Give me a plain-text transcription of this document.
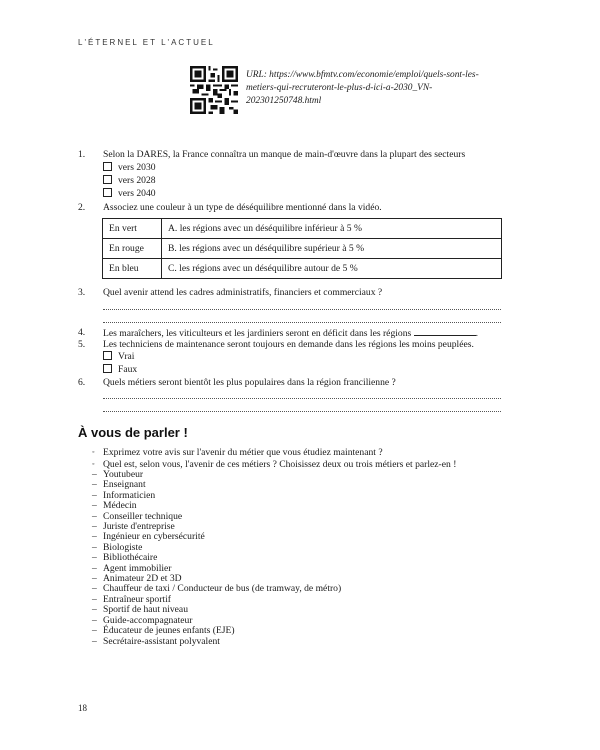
L'ÉTERNEL ET L'ACTUEL
URL: https://www.bfmtv.com/economie/emploi/quels-sont-les-metiers-qui-recruteront-le-plus-d-ici-a-2030_VN-202301250748.html
1.	Selon la DARES, la France connaîtra un manque de main-d'œuvre dans la plupart des secteurs
vers 2030
vers 2028
vers 2040
2.	Associez une couleur à un type de déséquilibre mentionné dans la vidéo.
En vert	A. les régions avec un déséquilibre inférieur à 5 %
En rouge	B. les régions avec un déséquilibre supérieur à 5 %
En bleu	C. les régions avec un déséquilibre autour de 5 %
3.	Quel avenir attend les cadres administratifs, financiers et commerciaux ?
4.	Les maraîchers, les viticulteurs et les jardiniers seront en déficit dans les régions	.
5.	Les techniciens de maintenance seront toujours en demande dans les régions les moins peuplées.
Vrai
Faux
6.	Quels métiers seront bientôt les plus populaires dans la région francilienne ?
À vous de parler !
◦ Exprimez votre avis sur l'avenir du métier que vous étudiez maintenant ?
◦ Quel est, selon vous, l'avenir de ces métiers ? Choisissez deux ou trois métiers et parlez-en !
– Youtubeur
– Enseignant
– Informaticien
– Médecin
– Conseiller technique
– Juriste d'entreprise
– Ingénieur en cybersécurité
– Biologiste
– Bibliothécaire
– Agent immobilier
– Animateur 2D et 3D
– Chauffeur de taxi / Conducteur de bus (de tramway, de métro)
– Entraîneur sportif
– Sportif de haut niveau
– Guide-accompagnateur
– Éducateur de jeunes enfants (EJE)
– Secrétaire-assistant polyvalent
18
